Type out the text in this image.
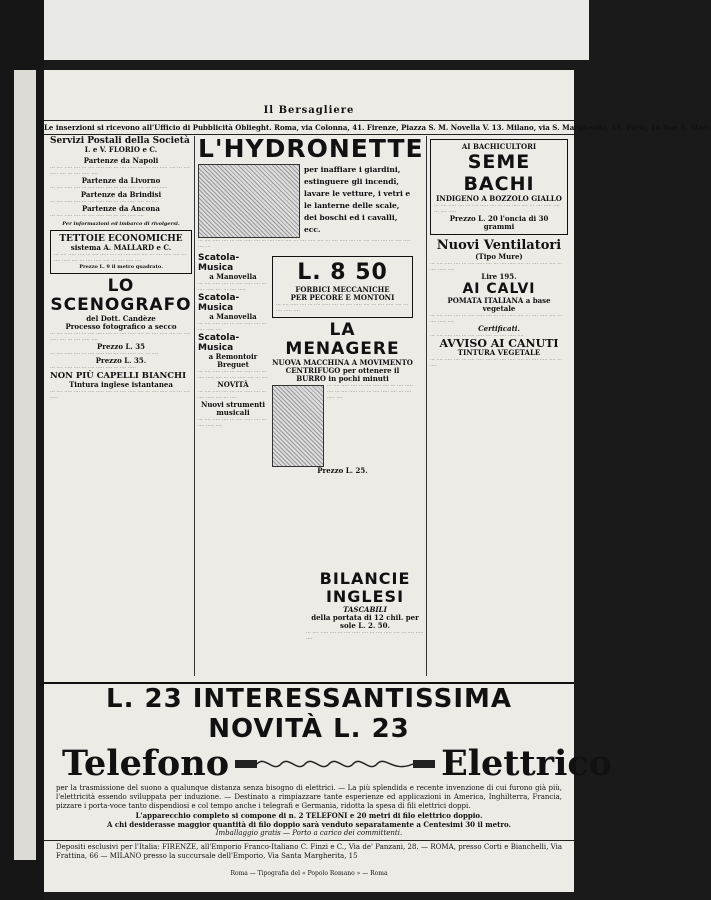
Il Bersagliere
Le inserzioni si ricevono all'Ufficio di Pubblicità Oblieght. Roma, via Colonna, 41. Firenze, Piazza S. M. Novella V. 13. Milano, via S. Margherita, 15. Paris, 16 Rue S. Marc
Servizi Postali della Società
I. e V. FLORIO e C.
Partenze da Napoli
··· ···· ····· ···· ··· ···· ····· ···· ··· ···· ····· ···· ··· ···· ····· ···· ··· ···· ····· ···· ··· ···· ····· ····
Partenze da Livorno
··· ···· ····· ···· ··· ···· ····· ···· ··· ···· ····· ···· ··· ···· ·····
Partenze da Brindisi
··· ···· ····· ···· ··· ···· ····· ···· ··· ···· ····· ···· ··· ····
Partenze da Ancona
··· ···· ····· ···· ··· ···· ····· ···· ··· ···· ····· ····
Per informazioni ed imbarco di rivolgersi.
TETTOIE ECONOMICHE
sistema A. MALLARD e C.
··· ···· ····· ···· ··· ···· ····· ···· ··· ···· ····· ···· ··· ···· ····· ···· ··· ···· ····· ···· ··· ···· ····· ···· ··· ···· ····· ····
Prezzo L. 9 il metro quadrato.
LO SCENOGRAFO
del Dott. Candèze
Processo fotografico a secco
··· ···· ····· ···· ··· ···· ····· ···· ··· ···· ····· ···· ··· ···· ····· ···· ··· ···· ····· ···· ··· ···· ····· ····
Prezzo L. 35
··· ···· ····· ···· ··· ···· ····· ···· ··· ···· ····· ···· ··· ····
Prezzo L. 35.
··· ···· ····· ···· ··· ···· ····· ···· ··· ···· ·····
NON PIÙ CAPELLI BIANCHI
Tintura inglese istantanea
··· ···· ····· ···· ··· ···· ····· ···· ··· ···· ····· ···· ··· ···· ····· ···· ··· ···· ·····
L'HYDRONETTE
per inaffiare i giardini, estinguere gli incendî, lavare le vetture, i vetri e le lanterne delle scale, dei boschi ed i cavalli, ecc.
··· ···· ····· ···· ··· ···· ····· ···· ··· ···· ····· ···· ··· ···· ····· ···· ··· ···· ····· ···· ··· ···· ····· ···· ··· ···· ····· ···· ···
Scatola-Musica
a Manovella
··· ···· ····· ···· ··· ···· ····· ···· ··· ···· ····· ···· ··· ···· ·····
Scatola-Musica
a Manovella
··· ···· ····· ···· ··· ···· ····· ···· ··· ···· ····· ····
Scatola-Musica
a Remontoir Breguet
··· ···· ····· ···· ··· ···· ····· ···· ··· ···· ····· ···· ··· ···· ····· ···· ··· ····
NOVITÀ
··· ···· ····· ···· ··· ···· ····· ···· ··· ···· ····· ···· ··· ····
Nuovi strumenti musicali
··· ···· ····· ···· ··· ···· ····· ···· ··· ···· ····· ····
L. 8 50
FORBICI MECCANICHE
PER PECORE E MONTONI
··· ···· ····· ···· ··· ···· ····· ···· ··· ···· ····· ···· ··· ···· ····· ···· ··· ···· ····· ····
LA MENAGERE
NUOVA MACCHINA A MOVIMENTO CENTRIFUGO per ottenere il BURRO in pochi minuti
··· ···· ····· ···· ··· ···· ····· ···· ··· ···· ····· ···· ··· ···· ····· ···· ··· ···· ····· ···· ··· ···· ····· ····
Prezzo L. 25.
BILANCIE INGLESI
TASCABILI
della portata di 12 chil. per sole L. 2. 50.
··· ···· ····· ···· ··· ···· ····· ···· ··· ···· ····· ···· ··· ···· ····· ····
AI BACHICULTORI
SEME BACHI
INDIGENO A BOZZOLO GIALLO
··· ···· ····· ···· ··· ···· ····· ···· ··· ···· ····· ···· ··· ···· ····· ···· ··· ···· ·····
Prezzo L. 20 l'oncia di 30 grammi
Nuovi Ventilatori
(Tipo Mure)
··· ···· ····· ···· ··· ···· ····· ···· ··· ···· ····· ···· ··· ···· ····· ···· ··· ···· ····· ····
Lire 195.
AI CALVI
POMATA ITALIANA a base vegetale
··· ···· ····· ···· ··· ···· ····· ···· ··· ···· ····· ···· ··· ···· ····· ···· ··· ···· ····· ····
Certificati.
··· ···· ····· ···· ··· ···· ····· ···· ··· ···· ····· ····
AVVISO AI CANUTI
TINTURA VEGETALE
··· ···· ····· ···· ··· ···· ····· ···· ··· ···· ····· ···· ··· ···· ····· ···· ··· ····
L. 23 INTERESSANTISSIMA NOVITÀ L. 23
Telefono	Elettrico
per la trasmissione del suono a qualunque distanza senza bisogno di elettrici. — La più splendida e recente invenzione di cui furono già più, l'elettricità essendo sviluppata per induzione. — Destinato a rimpiazzare tante esperienze ed applicazioni in America, Inghilterra, Francia, pizzare i porta-voce tanto dispendiosi e col tempo anche i telegrafi e Germania, ridotta la spesa di fili elettrici doppi.
L'apparecchio completo si compone di n. 2 TELEFONI e 20 metri di filo elettrico doppio.
A chi desiderasse maggior quantità di filo doppio sarà venduto separatamente a Centesimi 30 il metro.
Imballaggio gratis — Porto a carico dei committenti.
Depositi esclusivi per l'Italia: FIRENZE, all'Emporio Franco-Italiano C. Finzi e C., Via de' Panzani, 28. — ROMA, presso Corti e Bianchelli, Via Frattina, 66 — MILANO presso la succursale dell'Emporio, Via Santa Margherita, 15
Roma — Tipografia del « Popolo Romano » — Roma
